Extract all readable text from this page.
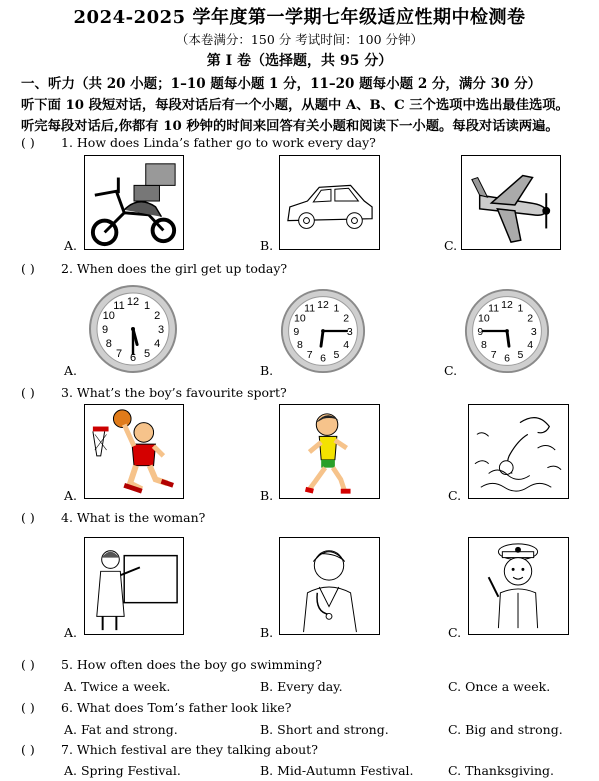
2024-2025 学年度第一学期七年级适应性期中检测卷
（本卷满分：150 分 考试时间：100 分钟）
第 I 卷（选择题，共 95 分）
一、听力（共 20 小题；1–10 题每小题 1 分，11–20 题每小题 2 分，满分 30 分）
听下面 10 段短对话，每段对话后有一个小题，从题中 A、B、C 三个选项中选出最佳选项。
听完每段对话后,你都有 10 秒钟的时间来回答有关小题和阅读下一小题。每段对话读两遍。
( ) 1. How does Linda’s father go to work every day?
A.	B.	C.
( ) 2. When does the girl get up today?
A.
1
2
3
4
5
6
7
8
9
10
11 12
B.
1
2
3
4
5
6
7
8
9
10
11 12
C.
1
2
3
4
5
6
7
8
9
10
11 12
( ) 3. What’s the boy’s favourite sport?
A.	B.	C.
( ) 4. What is the woman?
A.	B.	C.
( ) 5. How often does the boy go swimming?
A. Twice a week.	B. Every day.	C. Once a week.
( ) 6. What does Tom’s father look like?
A. Fat and strong.	B. Short and strong.	C. Big and strong.
( ) 7. Which festival are they talking about?
A. Spring Festival.	B. Mid-Autumn Festival.	C. Thanksgiving.
